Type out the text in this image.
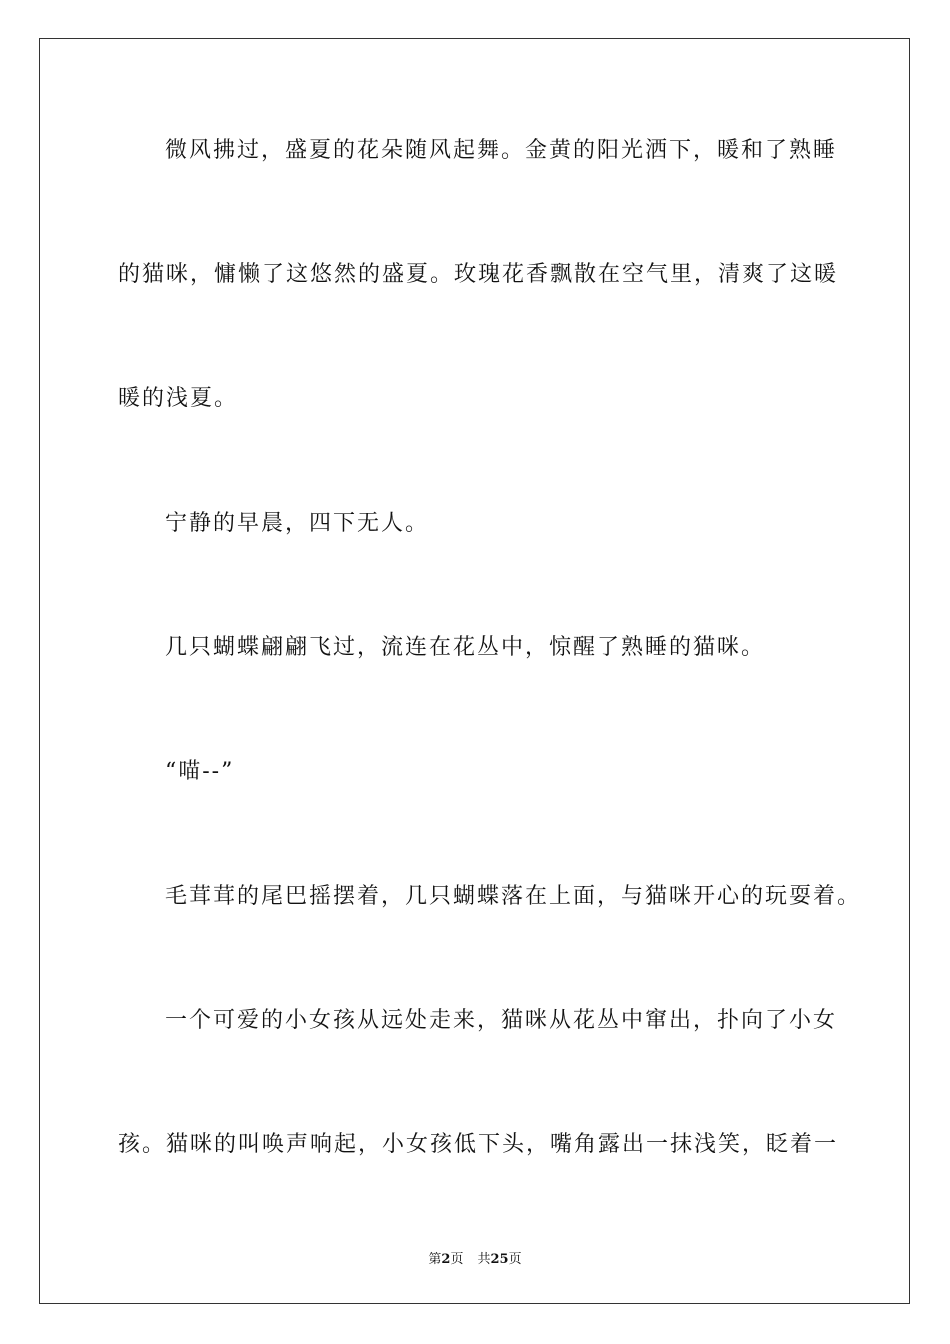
微风拂过，盛夏的花朵随风起舞。金黄的阳光洒下，暖和了熟睡
的猫咪，慵懒了这悠然的盛夏。玫瑰花香飘散在空气里，清爽了这暖
暖的浅夏。
宁静的早晨，四下无人。
几只蝴蝶翩翩飞过，流连在花丛中，惊醒了熟睡的猫咪。
“喵--”
毛茸茸的尾巴摇摆着，几只蝴蝶落在上面，与猫咪开心的玩耍着。
一个可爱的小女孩从远处走来，猫咪从花丛中窜出，扑向了小女
孩。猫咪的叫唤声响起，小女孩低下头，嘴角露出一抹浅笑，眨着一
第2页 共25页
